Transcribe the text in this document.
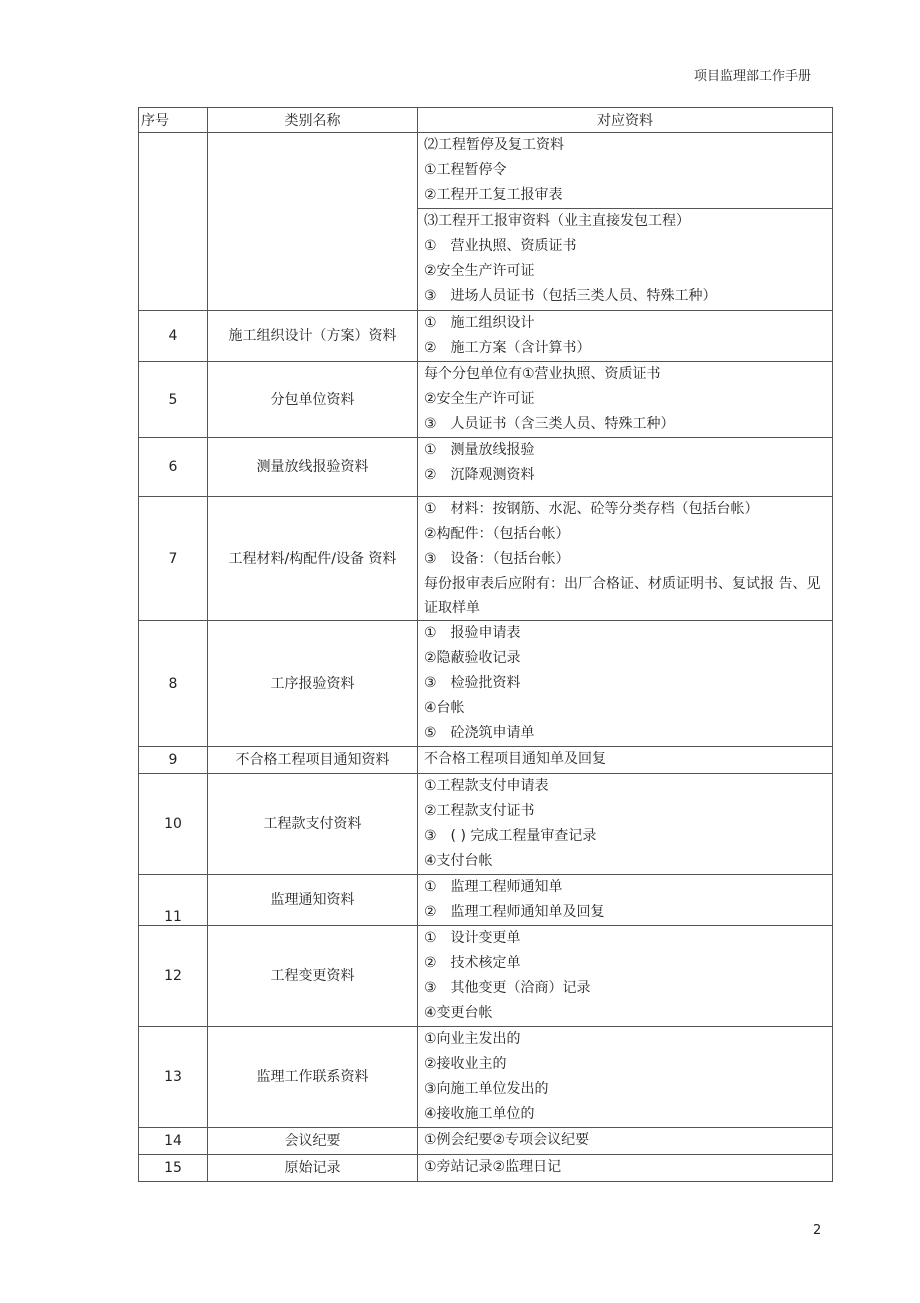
项目监理部工作手册
序号	类别名称	对应资料

		⑵工程暂停及复工资料
①工程暂停令
②工程开工复工报审表

		⑶工程开工报审资料（业主直接发包工程）
①　营业执照、资质证书
②安全生产许可证
③　进场人员证书（包括三类人员、特殊工种）

4	施工组织设计（方案）资料	①　施工组织设计
②　施工方案（含计算书）

5	分包单位资料	每个分包单位有①营业执照、资质证书
②安全生产许可证
③　人员证书（含三类人员、特殊工种）

6	测量放线报验资料	①　测量放线报验
②　沉降观测资料

7	工程材料/构配件/设备 资料	①　材料：按钢筋、水泥、砼等分类存档（包括台帐）
②构配件：（包括台帐）
③　设备：（包括台帐）
每份报审表后应附有：出厂合格证、材质证明书、复试报 告、见证取样单

8	工序报验资料	①　报验申请表
②隐蔽验收记录
③　检验批资料
④台帐
⑤　砼浇筑申请单

9	不合格工程项目通知资料	不合格工程项目通知单及回复

10	工程款支付资料	①工程款支付申请表
②工程款支付证书
③　( ) 完成工程量审查记录
④支付台帐

11	监理通知资料	①　监理工程师通知单
②　监理工程师通知单及回复

12	工程变更资料	①　设计变更单
②　技术核定单
③　其他变更（洽商）记录
④变更台帐

13	监理工作联系资料	①向业主发出的
②接收业主的
③向施工单位发出的
④接收施工单位的

14	会议纪要	①例会纪要②专项会议纪要

15	原始记录	①旁站记录②监理日记
2
